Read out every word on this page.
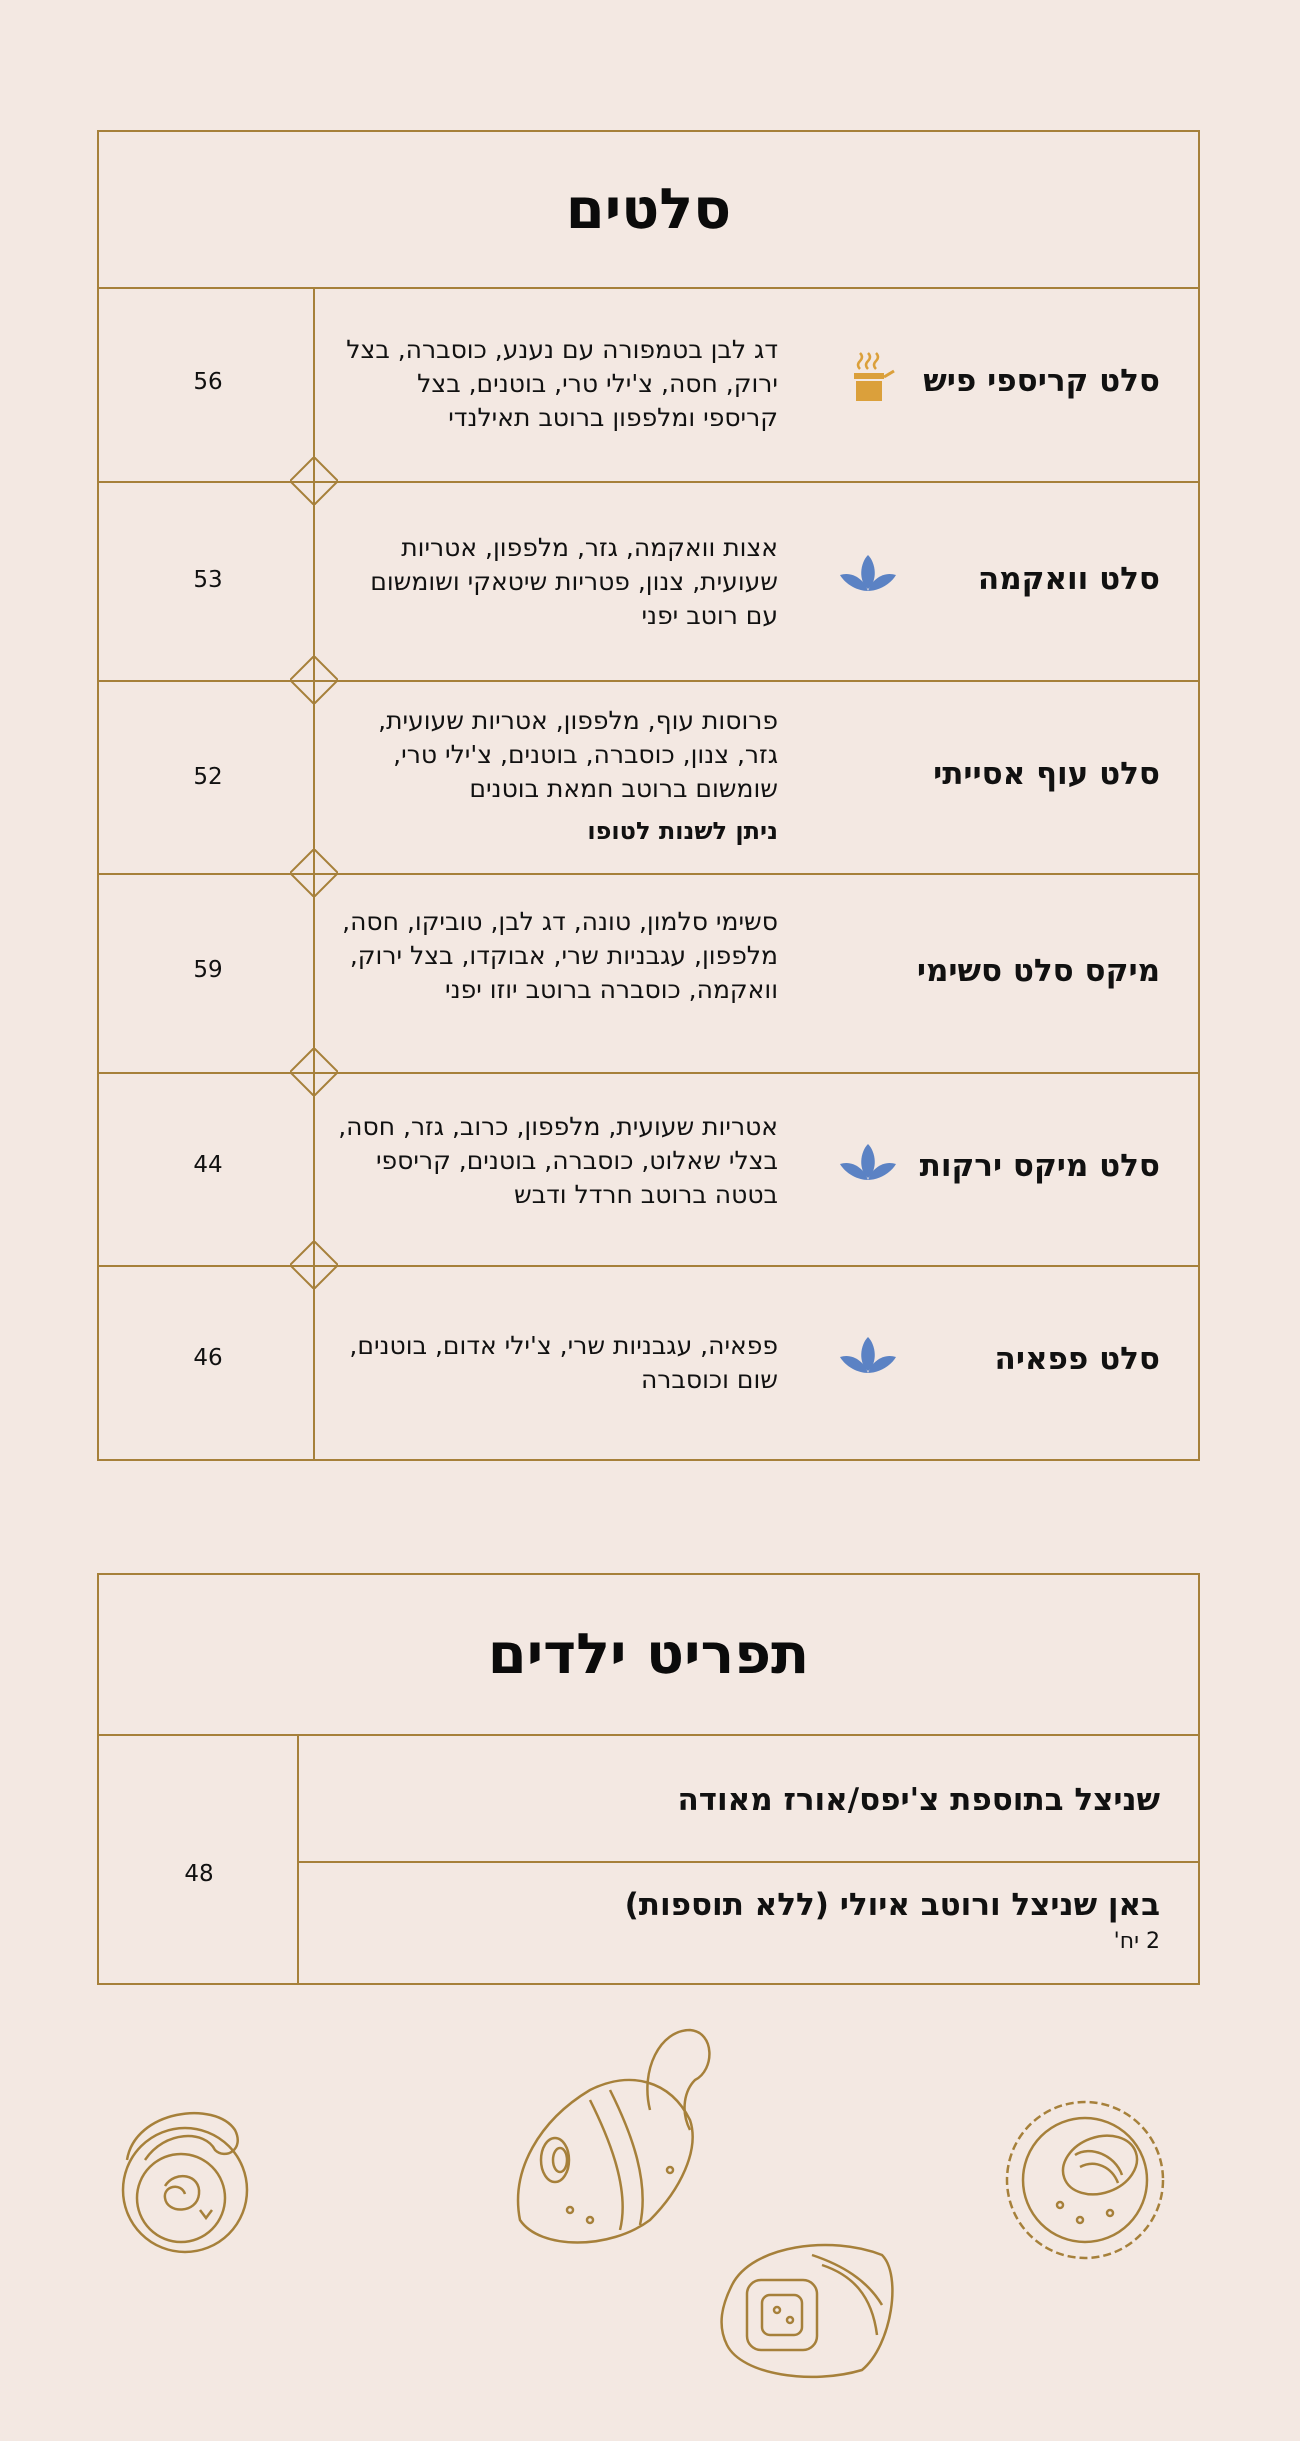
סלטים
סלט קריספי פיש
דג לבן בטמפורה עם נענע, כוסברה, בצל ירוק, חסה, צ'ילי טרי, בוטנים, בצל קריספי ומלפפון ברוטב תאילנדי
56
סלט וואקמה
אצות וואקמה, גזר, מלפפון, אטריות שעועית, צנון, פטריות שיטאקי ושומשום עם רוטב יפני
53
סלט עוף אסייתי
פרוסות עוף, מלפפון, אטריות שעועית, גזר, צנון, כוסברה, בוטנים, צ'ילי טרי, שומשום ברוטב חמאת בוטנים
ניתן לשנות לטופו
52
מיקס סלט סשימי
סשימי סלמון, טונה, דג לבן, טוביקו, חסה, מלפפון, עגבניות שרי, אבוקדו, בצל ירוק, וואקמה, כוסברה ברוטב יוזו יפני
59
סלט מיקס ירקות
אטריות שעועית, מלפפון, כרוב, גזר, חסה, בצלי שאלוט, כוסברה, בוטנים, קריספי בטטה ברוטב חרדל ודבש
44
סלט פפאיה
פפאיה, עגבניות שרי, צ'ילי אדום, בוטנים, שום וכוסברה
46
תפריט ילדים
48
שניצל בתוספת צ'יפס/אורז מאודה
באן שניצל ורוטב איולי (ללא תוספות)
2 יח'
